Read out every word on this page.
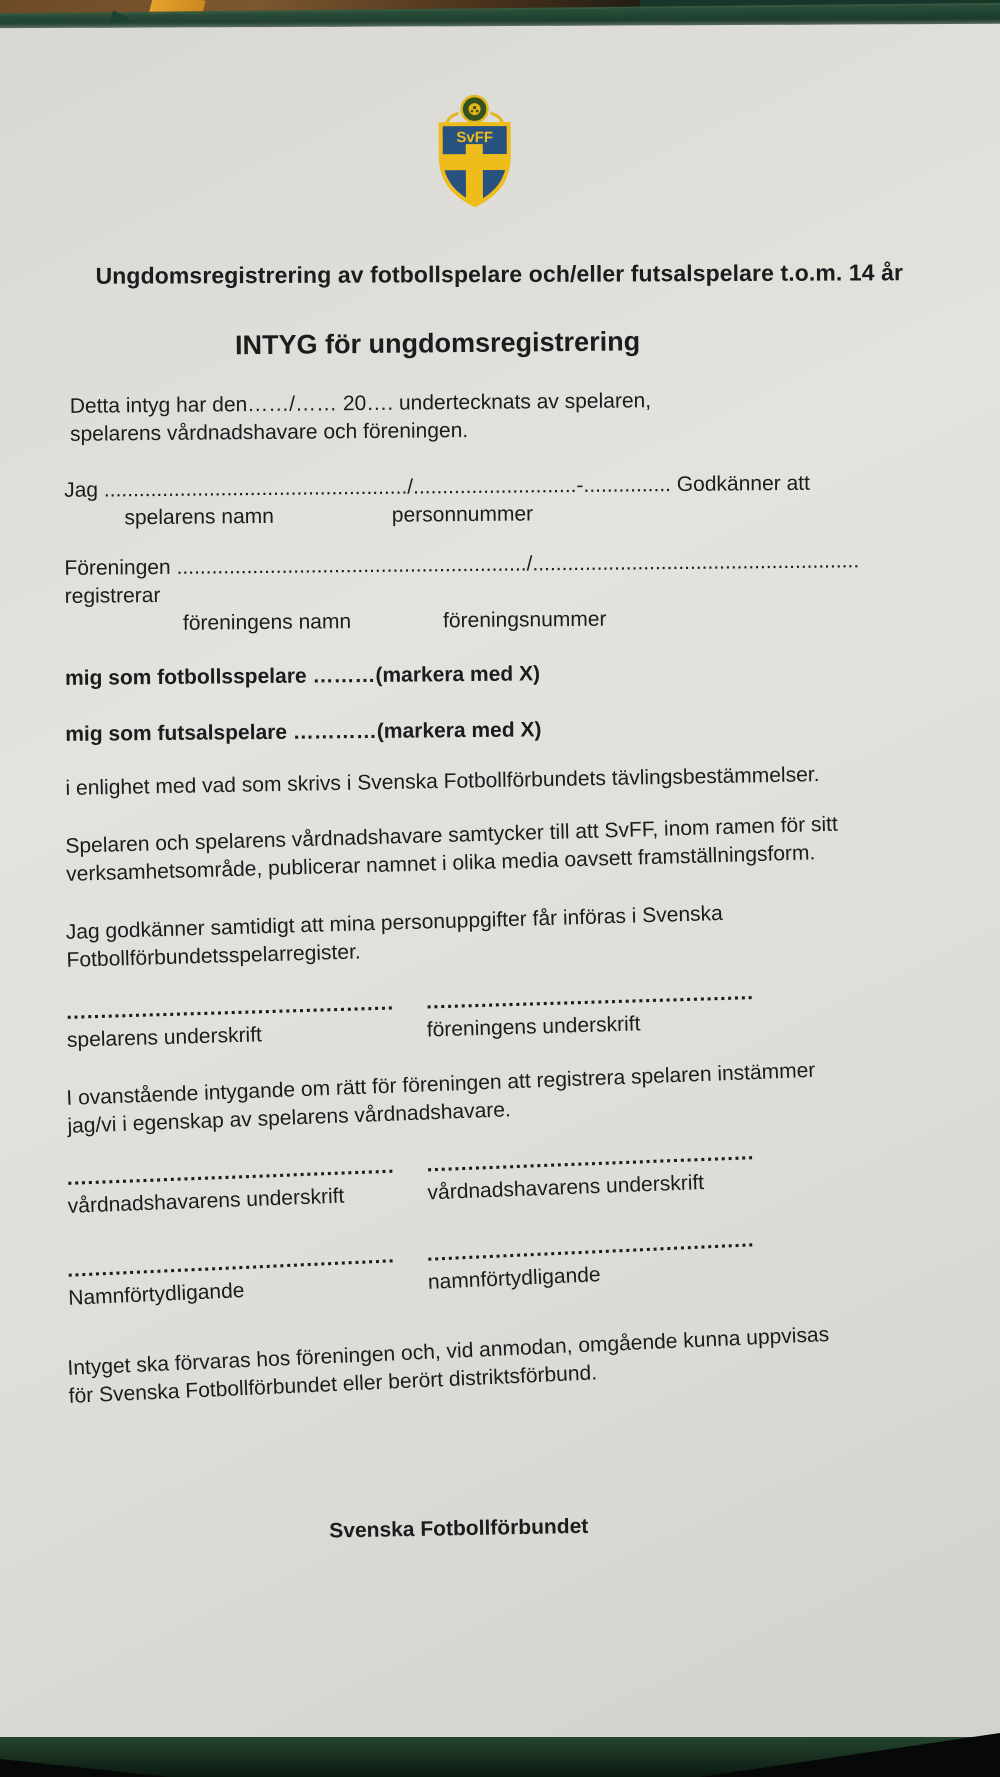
SvFF
Ungdomsregistrering av fotbollspelare och/eller futsalspelare t.o.m. 14 år
INTYG för ungdomsregistrering

Detta intyg har den……/…… 20…. undertecknats av spelaren, spelarens vårdnadshavare och föreningen.

Jag ..................................................../............................-............... Godkänner att

spelarens namn	personnummer

Föreningen ............................................................/........................................................

registrerar

föreningens namn	föreningsnummer

mig som fotbollsspelare ………(markera med X)

mig som futsalspelare …………(markera med X)

i enlighet med vad som skrivs i Svenska Fotbollförbundets tävlingsbestämmelser.

Spelaren och spelarens vårdnadshavare samtycker till att SvFF, inom ramen för sitt verksamhetsområde, publicerar namnet i olika media oavsett framställningsform.

Jag godkänner samtidigt att mina personuppgifter får införas i Svenska Fotbollförbundetsspelarregister.

................................................
spelarens underskrift
................................................
föreningens underskrift

I ovanstående intygande om rätt för föreningen att registrera spelaren instämmer jag/vi i egenskap av spelarens vårdnadshavare.

................................................
vårdnadshavarens underskrift
................................................
vårdnadshavarens underskrift
................................................
Namnförtydligande
................................................
namnförtydligande

Intyget ska förvaras hos föreningen och, vid anmodan, omgående kunna uppvisas för Svenska Fotbollförbundet eller berört distriktsförbund.

Svenska Fotbollförbundet
